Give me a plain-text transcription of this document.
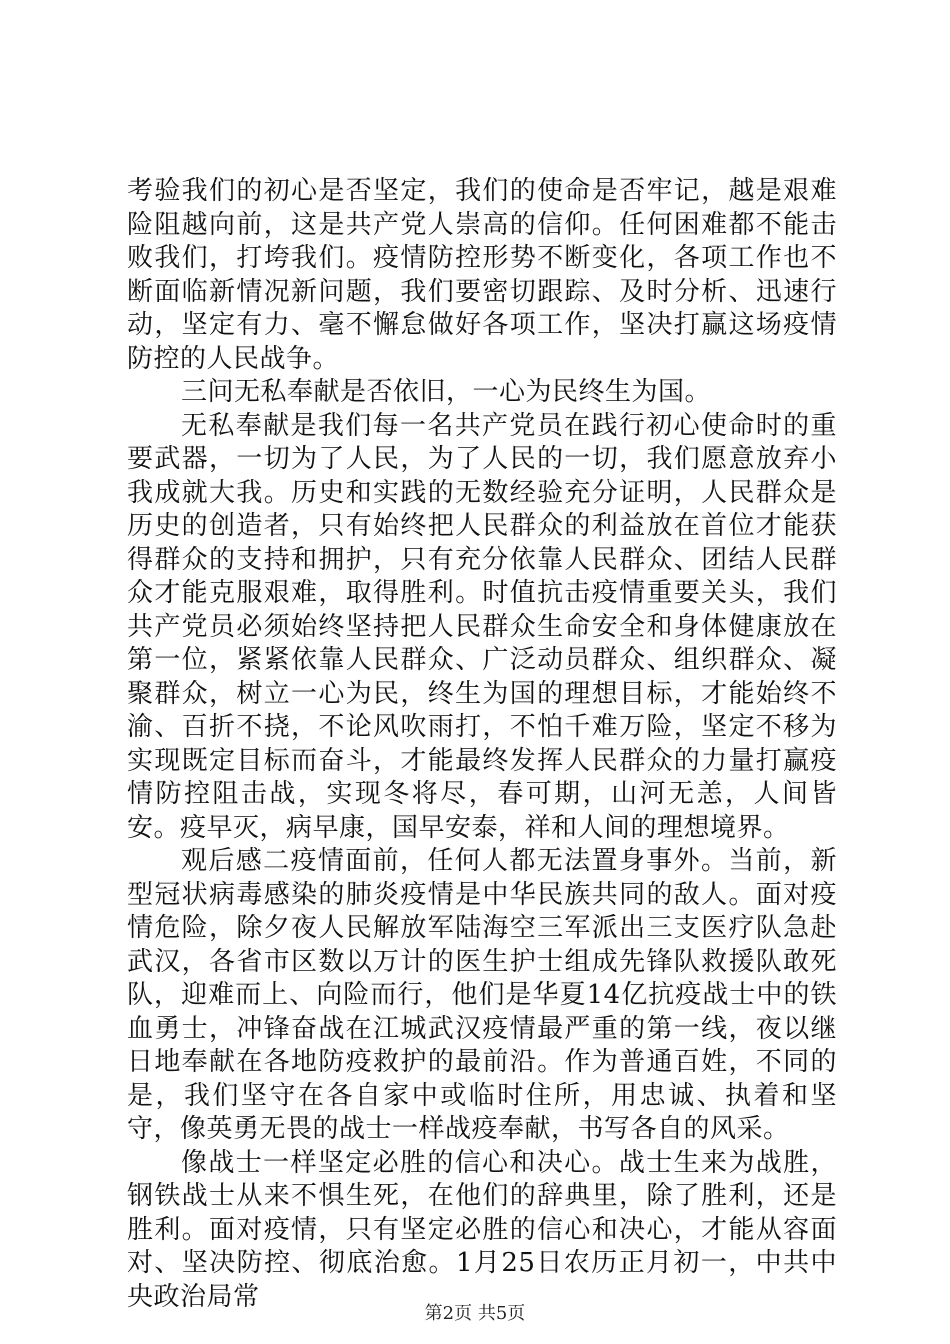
考验我们的初心是否坚定，我们的使命是否牢记，越是艰难险阻越向前，这是共产党人崇高的信仰。任何困难都不能击败我们，打垮我们。疫情防控形势不断变化，各项工作也不断面临新情况新问题，我们要密切跟踪、及时分析、迅速行动，坚定有力、毫不懈怠做好各项工作，坚决打赢这场疫情防控的人民战争。

三问无私奉献是否依旧，一心为民终生为国。

无私奉献是我们每一名共产党员在践行初心使命时的重要武器，一切为了人民，为了人民的一切，我们愿意放弃小我成就大我。历史和实践的无数经验充分证明，人民群众是历史的创造者，只有始终把人民群众的利益放在首位才能获得群众的支持和拥护，只有充分依靠人民群众、团结人民群众才能克服艰难，取得胜利。时值抗击疫情重要关头，我们共产党员必须始终坚持把人民群众生命安全和身体健康放在第一位，紧紧依靠人民群众、广泛动员群众、组织群众、凝聚群众，树立一心为民，终生为国的理想目标，才能始终不渝、百折不挠，不论风吹雨打，不怕千难万险，坚定不移为实现既定目标而奋斗，才能最终发挥人民群众的力量打赢疫情防控阻击战，实现冬将尽，春可期，山河无恙，人间皆安。疫早灭，病早康，国早安泰，祥和人间的理想境界。

观后感二疫情面前，任何人都无法置身事外。当前，新型冠状病毒感染的肺炎疫情是中华民族共同的敌人。面对疫情危险，除夕夜人民解放军陆海空三军派出三支医疗队急赴武汉，各省市区数以万计的医生护士组成先锋队救援队敢死队，迎难而上、向险而行，他们是华夏14亿抗疫战士中的铁血勇士，冲锋奋战在江城武汉疫情最严重的第一线，夜以继日地奉献在各地防疫救护的最前沿。作为普通百姓，不同的是，我们坚守在各自家中或临时住所，用忠诚、执着和坚守，像英勇无畏的战士一样战疫奉献，书写各自的风采。

像战士一样坚定必胜的信心和决心。战士生来为战胜，钢铁战士从来不惧生死，在他们的辞典里，除了胜利，还是胜利。面对疫情，只有坚定必胜的信心和决心，才能从容面对、坚决防控、彻底治愈。1月25日农历正月初一，中共中央政治局常

第2页 共5页
